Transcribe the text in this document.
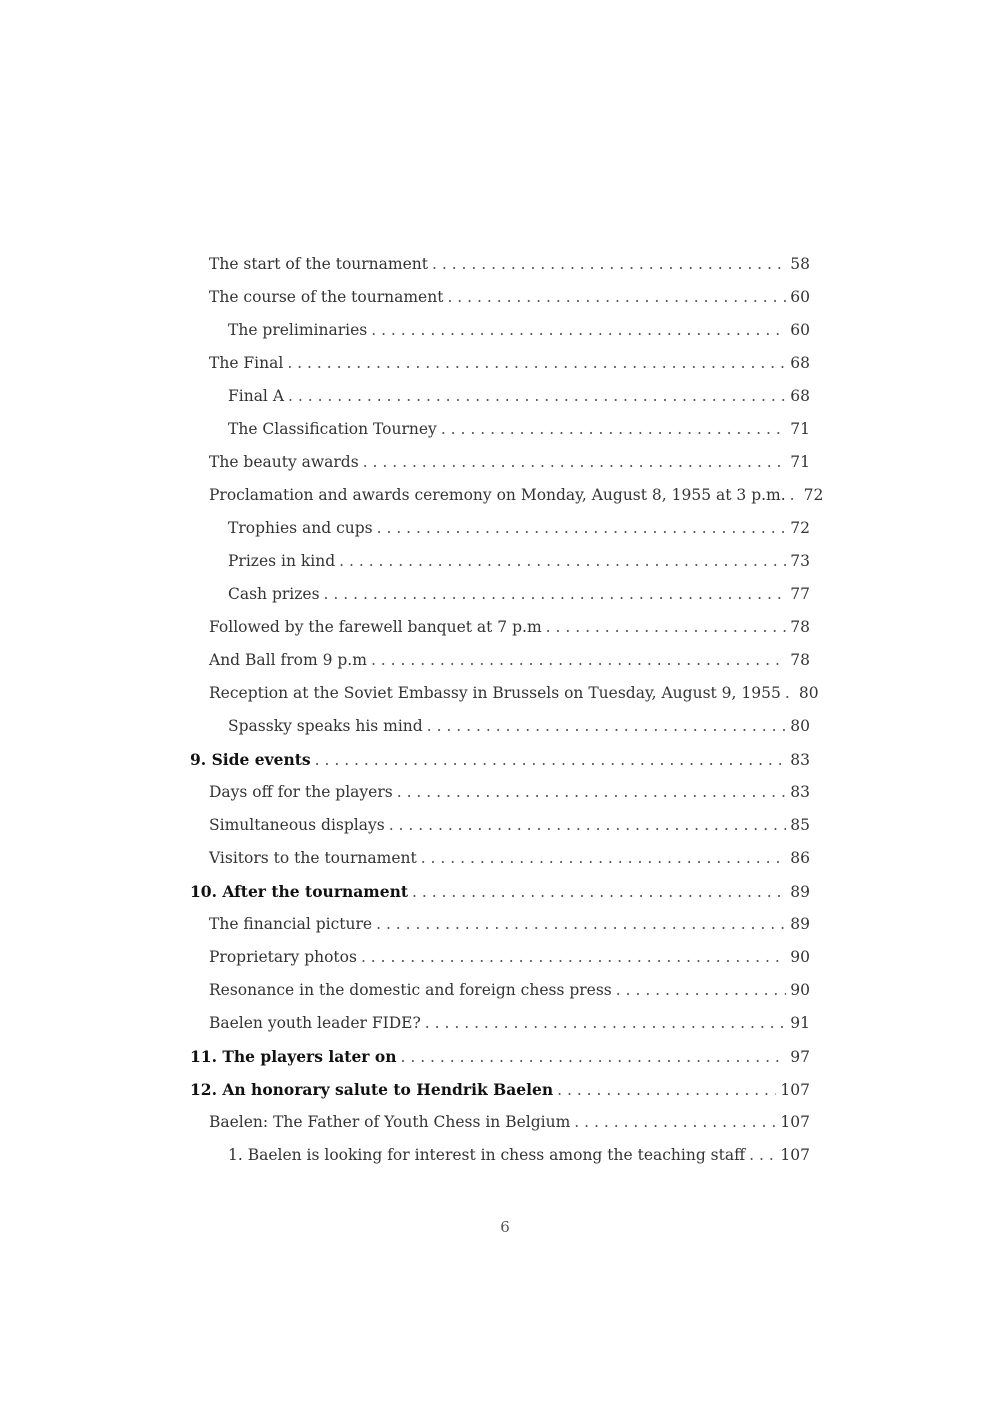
The start of the tournament . . .	58
The course of the tournament . . .	60
The preliminaries . . .	60
The Final . . .	68
Final A . . .	68
The Classification Tourney . . .	71
The beauty awards . . .	71
Proclamation and awards ceremony on Monday, August 8, 1955 at 3 p.m. . . . 72
Trophies and cups . . .	72
Prizes in kind . . .	73
Cash prizes . . .	77
Followed by the farewell banquet at 7 p.m . . .	78
And Ball from 9 p.m . . .	78
Reception at the Soviet Embassy in Brussels on Tuesday, August 9, 1955 . . . 80
Spassky speaks his mind . . .	80
9. Side events . . .	83
Days off for the players . . .	83
Simultaneous displays . . .	85
Visitors to the tournament . . .	86
10. After the tournament . . .	89
The financial picture . . .	89
Proprietary photos . . .	90
Resonance in the domestic and foreign chess press . . .	90
Baelen youth leader FIDE? . . .	91
11. The players later on . . .	97
12. An honorary salute to Hendrik Baelen . . .	107
Baelen: The Father of Youth Chess in Belgium . . .	107
1. Baelen is looking for interest in chess among the teaching staff . . . 107
6
